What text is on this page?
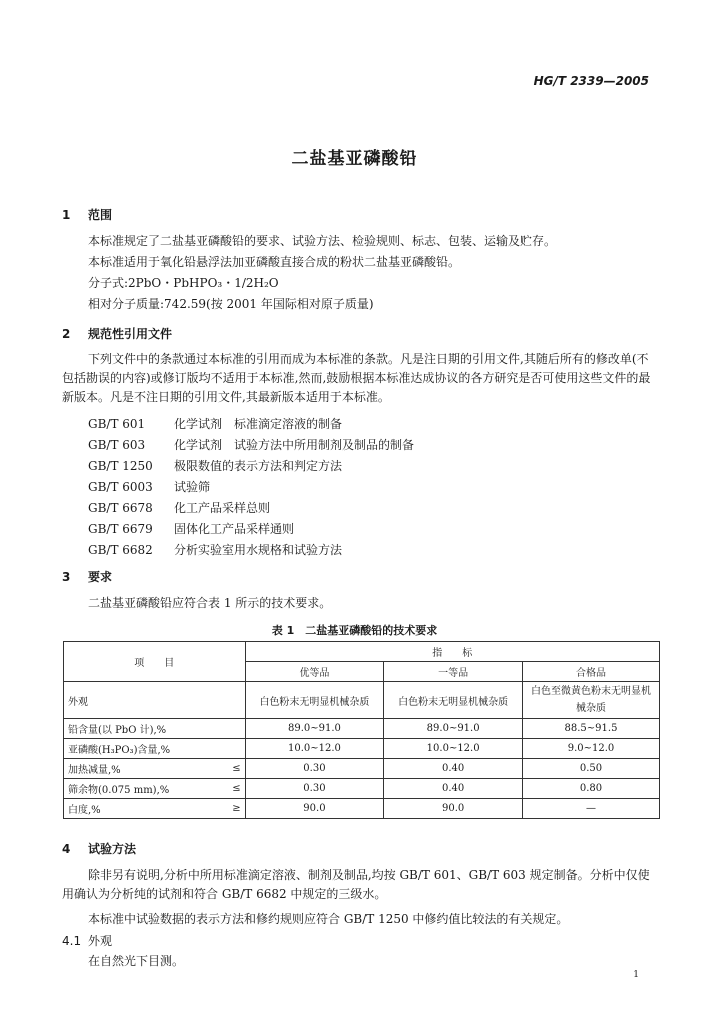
HG/T 2339—2005
二盐基亚磷酸铅
1 范围
本标准规定了二盐基亚磷酸铅的要求、试验方法、检验规则、标志、包装、运输及贮存。
本标准适用于氧化铅悬浮法加亚磷酸直接合成的粉状二盐基亚磷酸铅。
分子式:2PbO・PbHPO₃・1/2H₂O
相对分子质量:742.59(按 2001 年国际相对原子质量)
2 规范性引用文件
下列文件中的条款通过本标准的引用而成为本标准的条款。凡是注日期的引用文件,其随后所有的修改单(不包括勘误的内容)或修订版均不适用于本标准,然而,鼓励根据本标准达成协议的各方研究是否可使用这些文件的最新版本。凡是不注日期的引用文件,其最新版本适用于本标准。
GB/T 601 化学试剂　标准滴定溶液的制备
GB/T 603 化学试剂　试验方法中所用制剂及制品的制备
GB/T 1250 极限数值的表示方法和判定方法
GB/T 6003 试验筛
GB/T 6678 化工产品采样总则
GB/T 6679 固体化工产品采样通则
GB/T 6682 分析实验室用水规格和试验方法
3 要求
二盐基亚磷酸铅应符合表 1 所示的技术要求。
表 1　二盐基亚磷酸铅的技术要求
项　　目		指　　标		
		优等品	一等品	合格品
外观		白色粉末无明显机械杂质	白色粉末无明显机械杂质	白色至微黄色粉末无明显机械杂质
铅含量(以 PbO 计),%		89.0~91.0	89.0~91.0	88.5~91.5
亚磷酸(H₃PO₃)含量,%		10.0~12.0	10.0~12.0	9.0~12.0
加热减量,%	≤	0.30	0.40	0.50
筛余物(0.075 mm),%	≤	0.30	0.40	0.80
白度,%	≥	90.0	90.0	—
4 试验方法
除非另有说明,分析中所用标准滴定溶液、制剂及制品,均按 GB/T 601、GB/T 603 规定制备。分析中仅使用确认为分析纯的试剂和符合 GB/T 6682 中规定的三级水。
本标准中试验数据的表示方法和修约规则应符合 GB/T 1250 中修约值比较法的有关规定。
4.1 外观
在自然光下目测。
1
